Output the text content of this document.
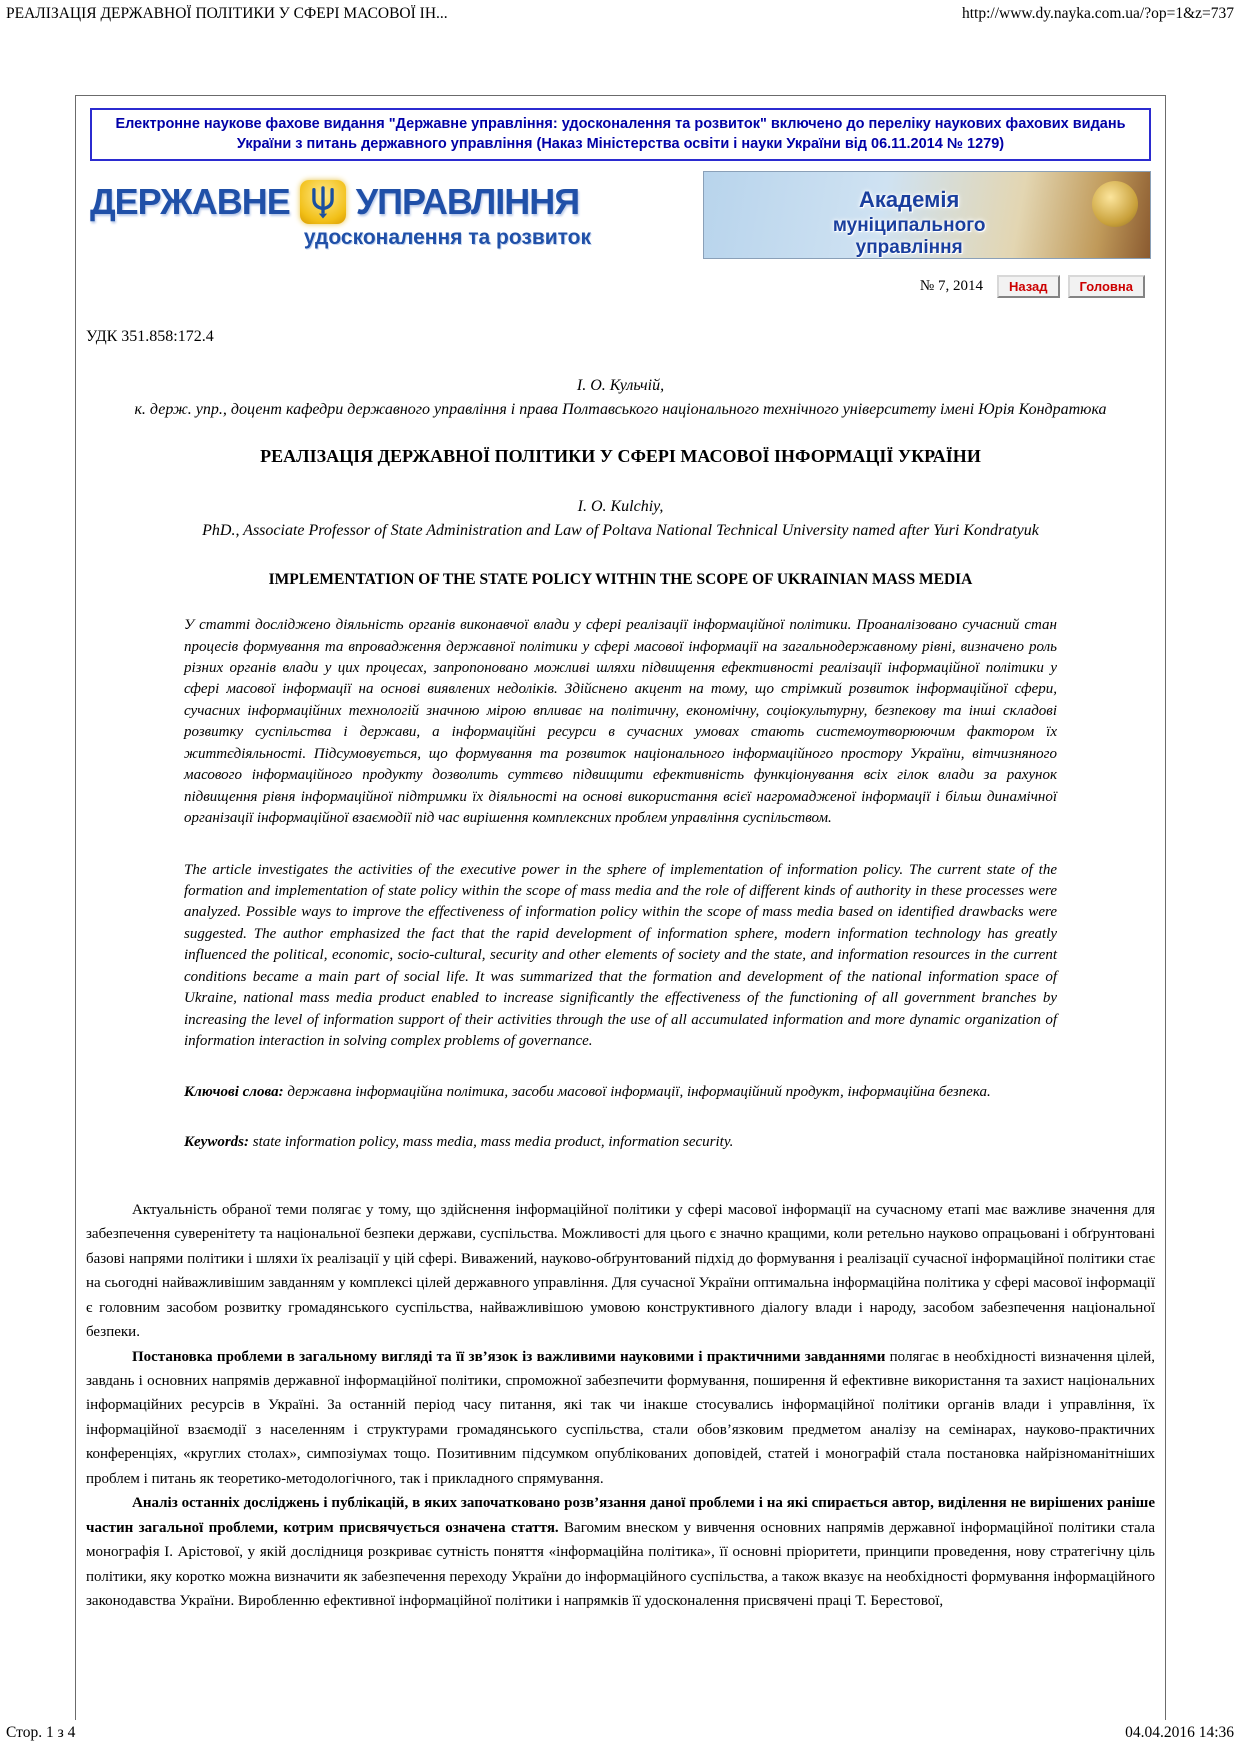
РЕАЛІЗАЦІЯ ДЕРЖАВНОЇ ПОЛІТИКИ У СФЕРІ МАСОВОЇ ІН...	http://www.dy.nayka.com.ua/?op=1&z=737
Електронне наукове фахове видання "Державне управління: удосконалення та розвиток" включено до переліку наукових фахових видань України з питань державного управління (Наказ Міністерства освіти і науки України від 06.11.2014 № 1279)
ДЕРЖАВНЕ УПРАВЛІННЯ
удосконалення та розвиток
Академія
муніципального управління
№ 7, 2014	Назад	Головна
УДК 351.858:172.4
І. О. Кульчій,
к. держ. упр., доцент кафедри державного управління і права Полтавського національного технічного університету імені Юрія Кондратюка
РЕАЛІЗАЦІЯ ДЕРЖАВНОЇ ПОЛІТИКИ У СФЕРІ МАСОВОЇ ІНФОРМАЦІЇ УКРАЇНИ
I. O. Kulchiy,
PhD., Associate Professor of State Administration and Law of Poltava National Technical University named after Yuri Kondratyuk
IMPLEMENTATION OF THE STATE POLICY WITHIN THE SCOPE OF UKRAINIAN MASS MEDIA

У статті досліджено діяльність органів виконавчої влади у сфері реалізації інформаційної політики. Проаналізовано сучасний стан процесів формування та впровадження державної політики у сфері масової інформації на загальнодержавному рівні, визначено роль різних органів влади у цих процесах, запропоновано можливі шляхи підвищення ефективності реалізації інформаційної політики у сфері масової інформації на основі виявлених недоліків. Здійснено акцент на тому, що стрімкий розвиток інформаційної сфери, сучасних інформаційних технологій значною мірою впливає на політичну, економічну, соціокультурну, безпекову та інші складові розвитку суспільства і держави, а інформаційні ресурси в сучасних умовах стають системоутворюючим фактором їх життєдіяльності. Підсумовується, що формування та розвиток національного інформаційного простору України, вітчизняного масового інформаційного продукту дозволить суттєво підвищити ефективність функціонування всіх гілок влади за рахунок підвищення рівня інформаційної підтримки їх діяльності на основі використання всієї нагромадженої інформації і більш динамічної організації інформаційної взаємодії під час вирішення комплексних проблем управління суспільством.

The article investigates the activities of the executive power in the sphere of implementation of information policy. The current state of the formation and implementation of state policy within the scope of mass media and the role of different kinds of authority in these processes were analyzed. Possible ways to improve the effectiveness of information policy within the scope of mass media based on identified drawbacks were suggested. The author emphasized the fact that the rapid development of information sphere, modern information technology has greatly influenced the political, economic, socio-cultural, security and other elements of society and the state, and information resources in the current conditions became a main part of social life. It was summarized that the formation and development of the national information space of Ukraine, national mass media product enabled to increase significantly the effectiveness of the functioning of all government branches by increasing the level of information support of their activities through the use of all accumulated information and more dynamic organization of information interaction in solving complex problems of governance.

Ключові слова: державна інформаційна політика, засоби масової інформації, інформаційний продукт, інформаційна безпека.

Keywords: state information policy, mass media, mass media product, information security.

Актуальність обраної теми полягає у тому, що здійснення інформаційної політики у сфері масової інформації на сучасному етапі має важливе значення для забезпечення суверенітету та національної безпеки держави, суспільства. Можливості для цього є значно кращими, коли ретельно науково опрацьовані і обґрунтовані базові напрями політики і шляхи їх реалізації у цій сфері. Виважений, науково-обґрунтований підхід до формування і реалізації сучасної інформаційної політики стає на сьогодні найважливішим завданням у комплексі цілей державного управління. Для сучасної України оптимальна інформаційна політика у сфері масової інформації є головним засобом розвитку громадянського суспільства, найважливішою умовою конструктивного діалогу влади і народу, засобом забезпечення національної безпеки.

Постановка проблеми в загальному вигляді та її зв’язок із важливими науковими і практичними завданнями полягає в необхідності визначення цілей, завдань і основних напрямів державної інформаційної політики, спроможної забезпечити формування, поширення й ефективне використання та захист національних інформаційних ресурсів в Україні. За останній період часу питання, які так чи інакше стосувались інформаційної політики органів влади і управління, їх інформаційної взаємодії з населенням і структурами громадянського суспільства, стали обов’язковим предметом аналізу на семінарах, науково-практичних конференціях, «круглих столах», симпозіумах тощо. Позитивним підсумком опублікованих доповідей, статей і монографій стала постановка найрізноманітніших проблем і питань як теоретико-методологічного, так і прикладного спрямування.

Аналіз останніх досліджень і публікацій, в яких започатковано розв’язання даної проблеми і на які спирається автор, виділення не вирішених раніше частин загальної проблеми, котрим присвячується означена стаття. Вагомим внеском у вивчення основних напрямів державної інформаційної політики стала монографія І. Арістової, у якій дослідниця розкриває сутність поняття «інформаційна політика», її основні пріоритети, принципи проведення, нову стратегічну ціль політики, яку коротко можна визначити як забезпечення переходу України до інформаційного суспільства, а також вказує на необхідності формування інформаційного законодавства України. Виробленню ефективної інформаційної політики і напрямків її удосконалення присвячені праці Т. Берестової,

Стор. 1 з 4	04.04.2016 14:36
